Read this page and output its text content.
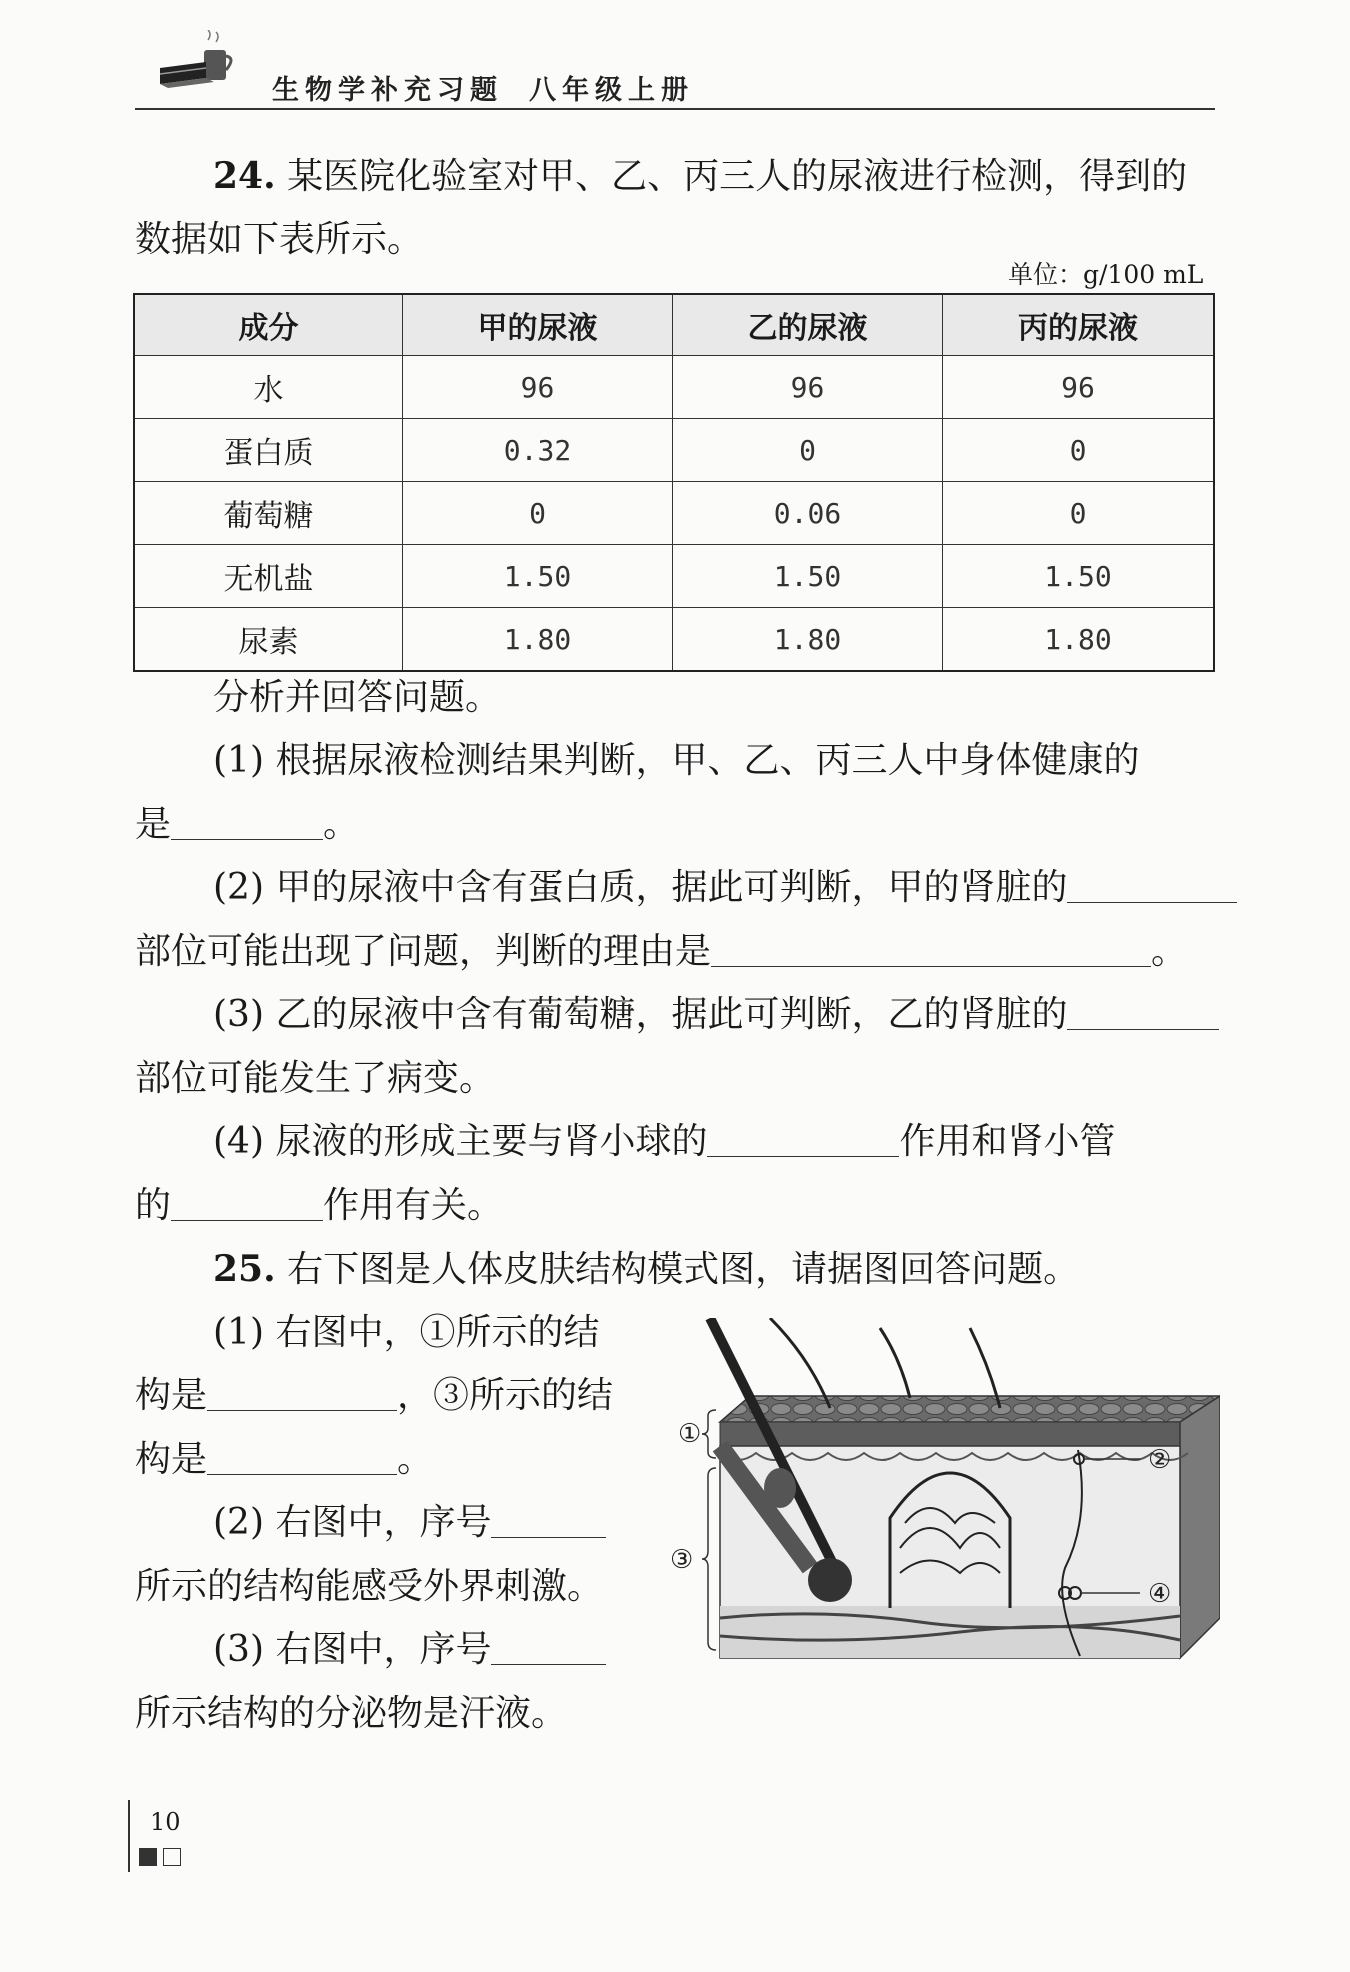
生物学补充习题 八年级上册
24. 某医院化验室对甲、乙、丙三人的尿液进行检测，得到的
数据如下表所示。
单位：g/100 mL
成分	甲的尿液	乙的尿液	丙的尿液
水	96	96	96
蛋白质	0.32	0	0
葡萄糖	0	0.06	0
无机盐	1.50	1.50	1.50
尿素	1.80	1.80	1.80
分析并回答问题。
(1) 根据尿液检测结果判断，甲、乙、丙三人中身体健康的
是	。
(2) 甲的尿液中含有蛋白质，据此可判断，甲的肾脏的
部位可能出现了问题，判断的理由是	。
(3) 乙的尿液中含有葡萄糖，据此可判断，乙的肾脏的
部位可能发生了病变。
(4) 尿液的形成主要与肾小球的	作用和肾小管
的	作用有关。
25. 右下图是人体皮肤结构模式图，请据图回答问题。
(1) 右图中，①所示的结
构是	，③所示的结
构是	。
(2) 右图中，序号
所示的结构能感受外界刺激。
(3) 右图中，序号
所示结构的分泌物是汗液。
①
②
③
④
10
